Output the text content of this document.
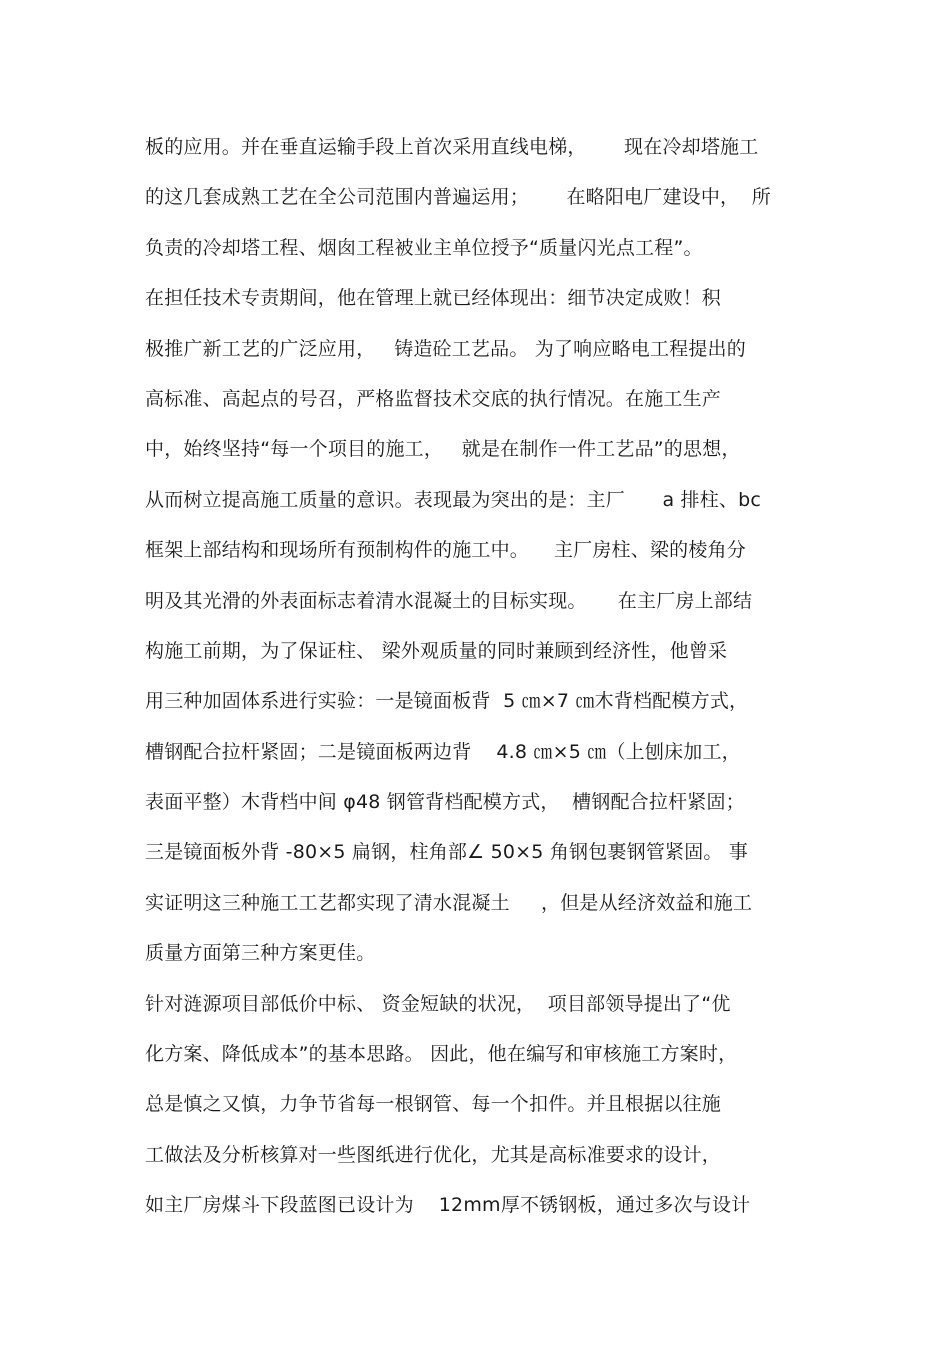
板的应用。并在垂直运输手段上首次采用直线电梯，      现在冷却塔施工
的这几套成熟工艺在全公司范围内普遍运用；      在略阳电厂建设中，  所
负责的冷却塔工程、烟囱工程被业主单位授予“质量闪光点工程”。
在担任技术专责期间，他在管理上就已经体现出：细节决定成败！积
极推广新工艺的广泛应用，   铸造砼工艺品。 为了响应略电工程提出的
高标准、高起点的号召，严格监督技术交底的执行情况。在施工生产
中，始终坚持“每一个项目的施工，   就是在制作一件工艺品”的思想，
从而树立提高施工质量的意识。表现最为突出的是：主厂      a 排柱、bc
框架上部结构和现场所有预制构件的施工中。    主厂房柱、梁的棱角分
明及其光滑的外表面标志着清水混凝土的目标实现。     在主厂房上部结
构施工前期，为了保证柱、 梁外观质量的同时兼顾到经济性，他曾采
用三种加固体系进行实验：一是镜面板背  5 ㎝×7 ㎝木背档配模方式，
槽钢配合拉杆紧固；二是镜面板两边背    4.8 ㎝×5 ㎝（上刨床加工，
表面平整）木背档中间 φ48 钢管背档配模方式，  槽钢配合拉杆紧固；
三是镜面板外背 -80×5 扁钢，柱角部∠ 50×5 角钢包裹钢管紧固。 事
实证明这三种施工工艺都实现了清水混凝土     ，但是从经济效益和施工
质量方面第三种方案更佳。
针对涟源项目部低价中标、 资金短缺的状况，  项目部领导提出了“优
化方案、降低成本”的基本思路。 因此，他在编写和审核施工方案时，
总是慎之又慎，力争节省每一根钢管、每一个扣件。并且根据以往施
工做法及分析核算对一些图纸进行优化，尤其是高标准要求的设计，
如主厂房煤斗下段蓝图已设计为    12mm厚不锈钢板，通过多次与设计
